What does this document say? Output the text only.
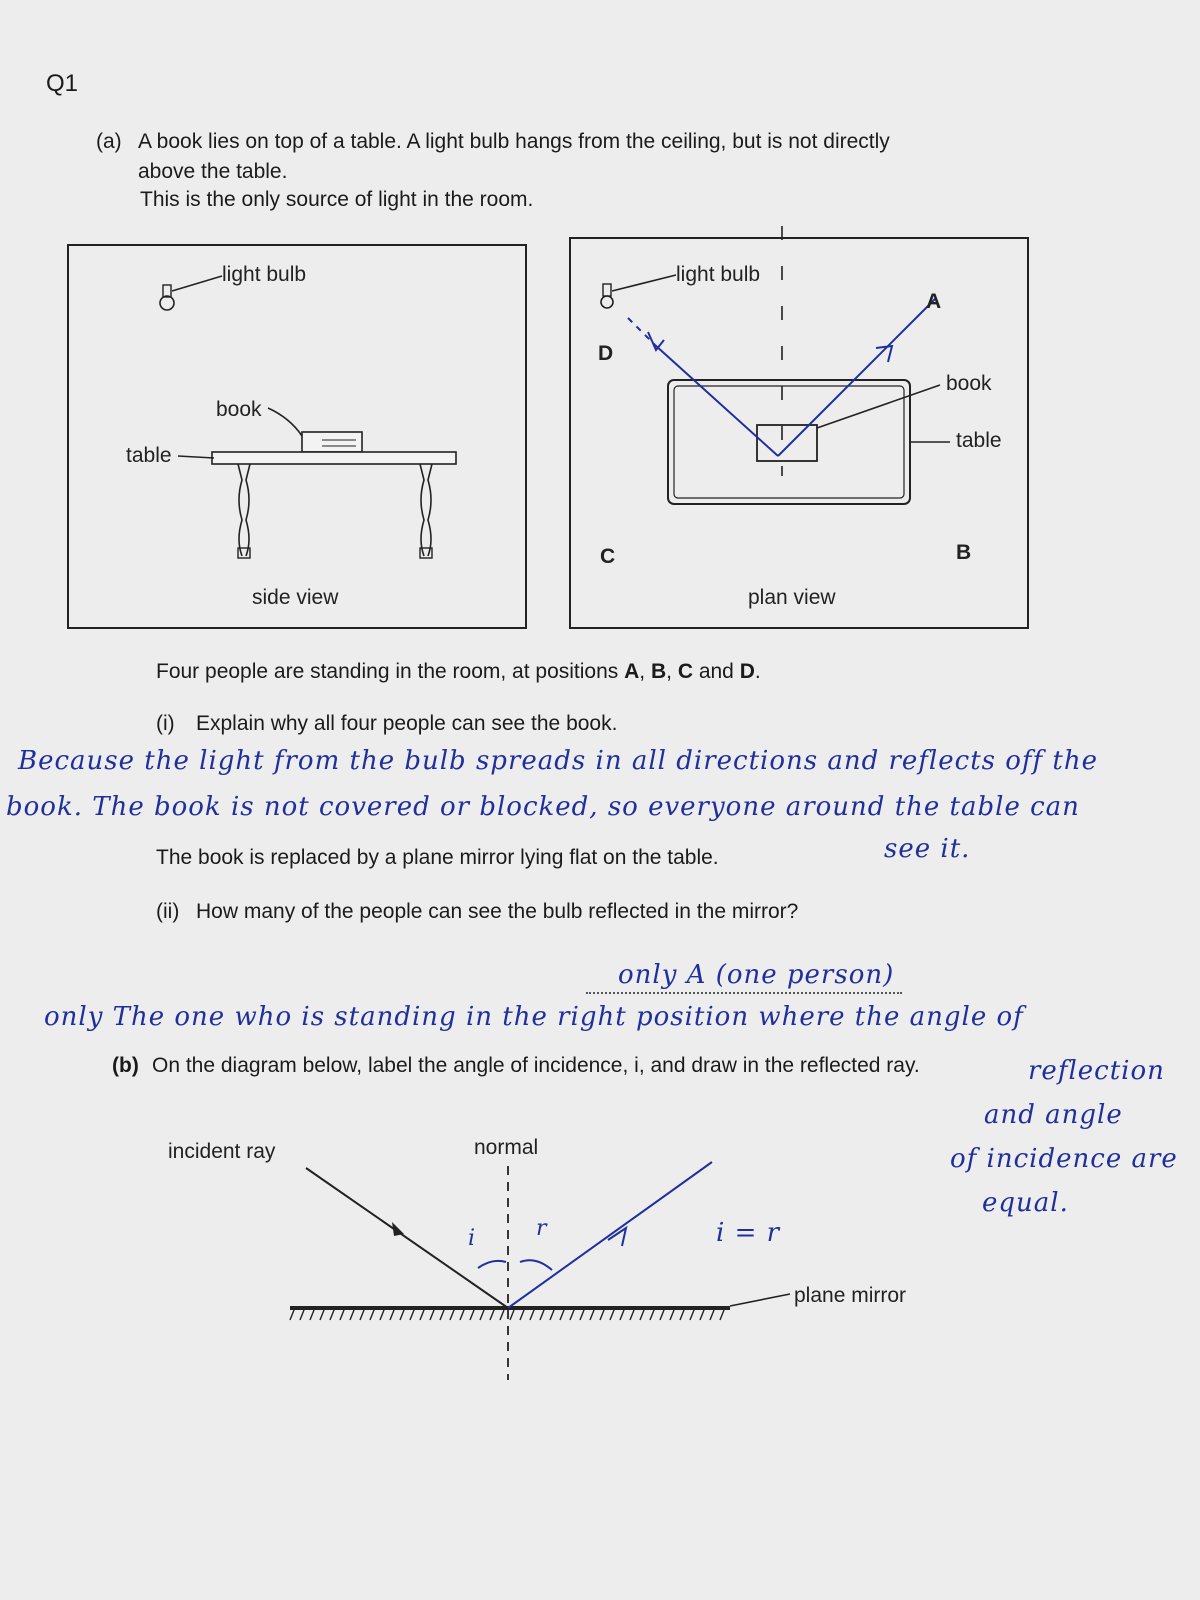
Q1
(a) A book lies on top of a table. A light bulb hangs from the ceiling, but is not directly
above the table.
This is the only source of light in the room.
light bulb
book
table
side view
light bulb
book
table
plan view
A
B
C
D
Four people are standing in the room, at positions A, B, C and D.
(i) Explain why all four people can see the book.
Because the light from the bulb spreads in all directions and reflects off the
book. The book is not covered or blocked, so everyone around the table can
see it.
The book is replaced by a plane mirror lying flat on the table.
(ii) How many of the people can see the bulb reflected in the mirror?
only A (one person)
only The one who is standing in the right position where the angle of
reflection
and angle
of incidence are
equal.
(b) On the diagram below, label the angle of incidence, i, and draw in the reflected ray.
incident ray	normal
plane mirror
i	r	i = r
